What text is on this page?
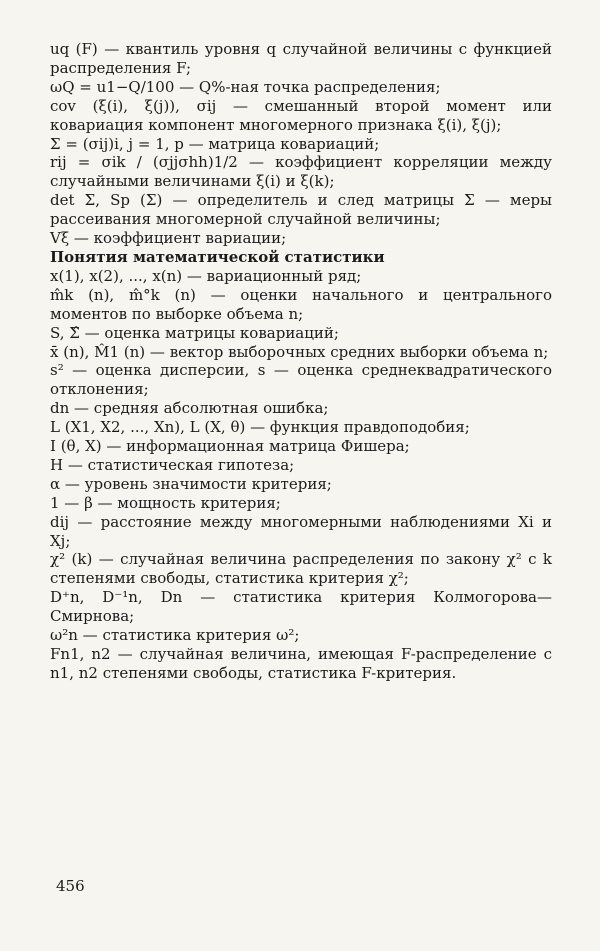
uq (F) — квантиль уровня q случайной величины с функцией распределения F;

ωQ = u1−Q/100 — Q%-ная точка распределения;

cov (ξ(i), ξ(j)), σij — смешанный второй момент или ковариация компонент многомерного признака ξ(i), ξ(j);

Σ = (σij)i, j = 1, p — матрица ковариаций;

rij = σik / (σjjσhh)1/2 — коэффициент корреляции между случайными величинами ξ(i) и ξ(k);

det Σ, Sp (Σ) — определитель и след матрицы Σ — меры рассеивания многомерной случайной величины;

Vξ — коэффициент вариации;

Понятия математической статистики

x(1), x(2), ..., x(n) — вариационный ряд;

m̂k (n), m̂°k (n) — оценки начального и центрального моментов по выборке объема n;

S, Σ̂ — оценка матрицы ковариаций;

x̄ (n), M̂1 (n) — вектор выборочных средних выборки объема n;

s² — оценка дисперсии, s — оценка среднеквадратического отклонения;

dn — средняя абсолютная ошибка;

L (X1, X2, ..., Xn), L (X, θ) — функция правдоподобия;

I (θ, X) — информационная матрица Фишера;

H — статистическая гипотеза;

α — уровень значимости критерия;

1 — β — мощность критерия;

dij — расстояние между многомерными наблюдениями Xi и Xj;

χ² (k) — случайная величина распределения по закону χ² с k степенями свободы, статистика критерия χ²;

D⁺n, D⁻¹n, Dn — статистика критерия Колмогорова—Смирнова;

ω²n — статистика критерия ω²;

Fn1, n2 — случайная величина, имеющая F-распределение с n1, n2 степенями свободы, статистика F-критерия.

456
